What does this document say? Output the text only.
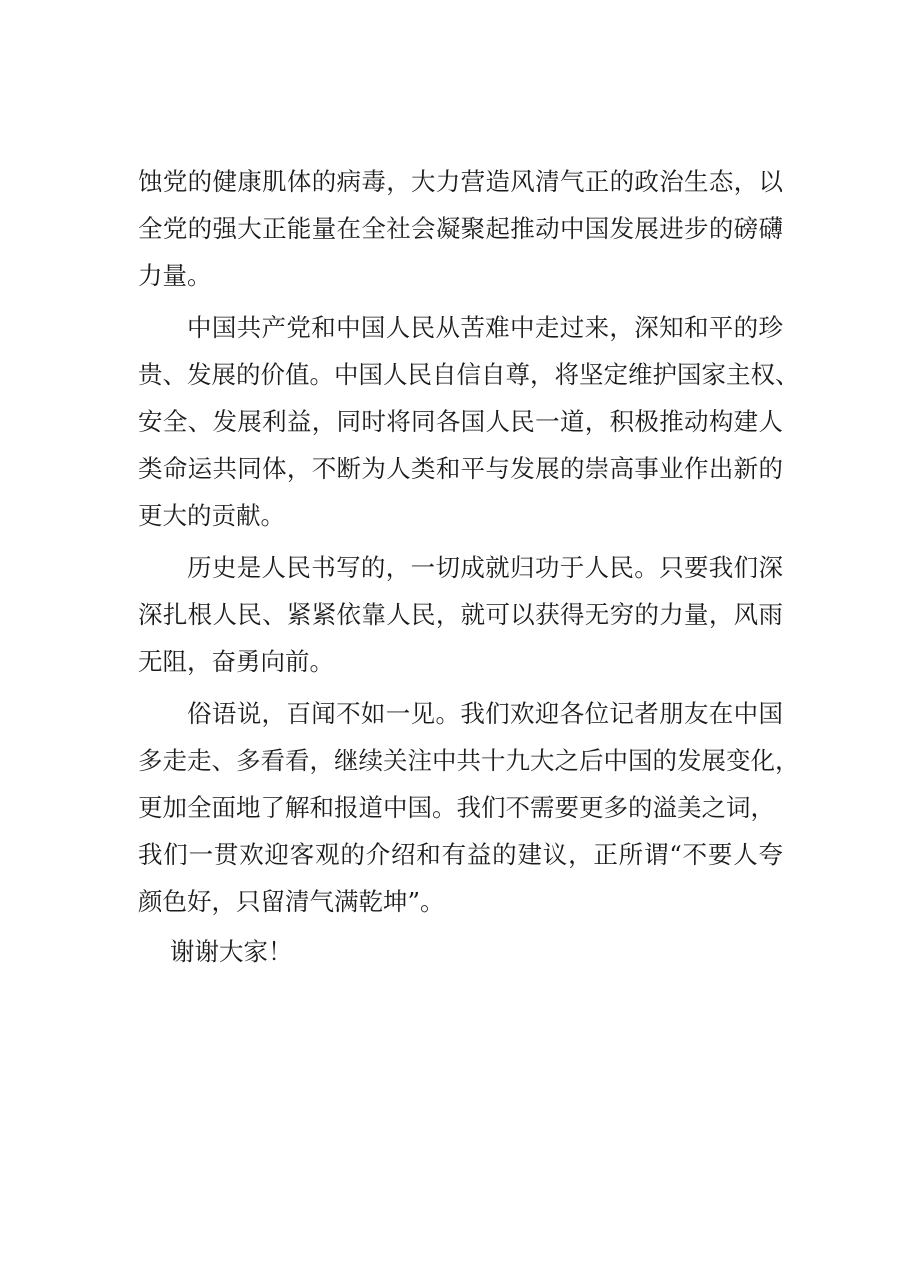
蚀党的健康肌体的病毒，大力营造风清气正的政治生态，以
全党的强大正能量在全社会凝聚起推动中国发展进步的磅礴
力量。
中国共产党和中国人民从苦难中走过来，深知和平的珍
贵、发展的价值。中国人民自信自尊，将坚定维护国家主权、
安全、发展利益，同时将同各国人民一道，积极推动构建人
类命运共同体，不断为人类和平与发展的崇高事业作出新的
更大的贡献。
历史是人民书写的，一切成就归功于人民。只要我们深
深扎根人民、紧紧依靠人民，就可以获得无穷的力量，风雨
无阻，奋勇向前。
俗语说，百闻不如一见。我们欢迎各位记者朋友在中国
多走走、多看看，继续关注中共十九大之后中国的发展变化，
更加全面地了解和报道中国。我们不需要更多的溢美之词，
我们一贯欢迎客观的介绍和有益的建议，正所谓“不要人夸
颜色好，只留清气满乾坤”。
谢谢大家！
